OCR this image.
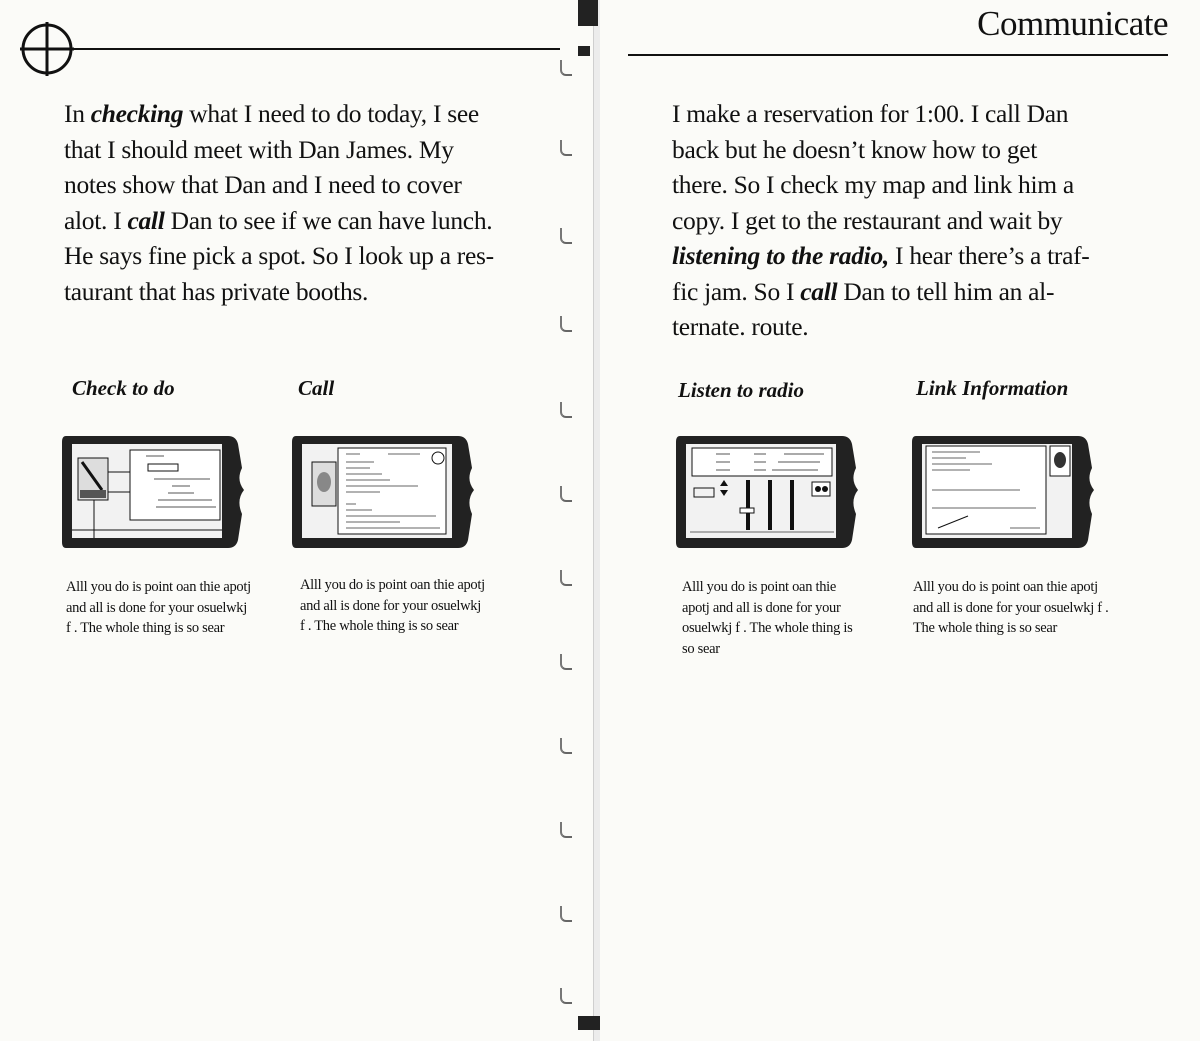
In checking what I need to do today, I see

that I should meet with Dan James. My

notes show that Dan and I need to cover

alot. I call Dan to see if we can have lunch.

He says fine pick a spot. So I look up a res-

taurant that has private booths.

Check to do	Call

Alll you do is point oan thie apotj

and all is done for your osuelwkj

f . The whole thing is so sear

Alll you do is point oan thie apotj

and all is done for your osuelwkj

f . The whole thing is so sear

Communicate

I make a reservation for 1:00. I call Dan

back but he doesn’t know how to get

there. So I check my map and link him a

copy. I get to the restaurant and wait by

listening to the radio, I hear there’s a traf-

fic jam. So I call Dan to tell him an al-

ternate. route.

Listen to radio	Link Information

Alll you do is point oan thie

apotj and all is done for your

osuelwkj f . The whole thing is

so sear

Alll you do is point oan thie apotj

and all is done for your osuelwkj f .

The whole thing is so sear
